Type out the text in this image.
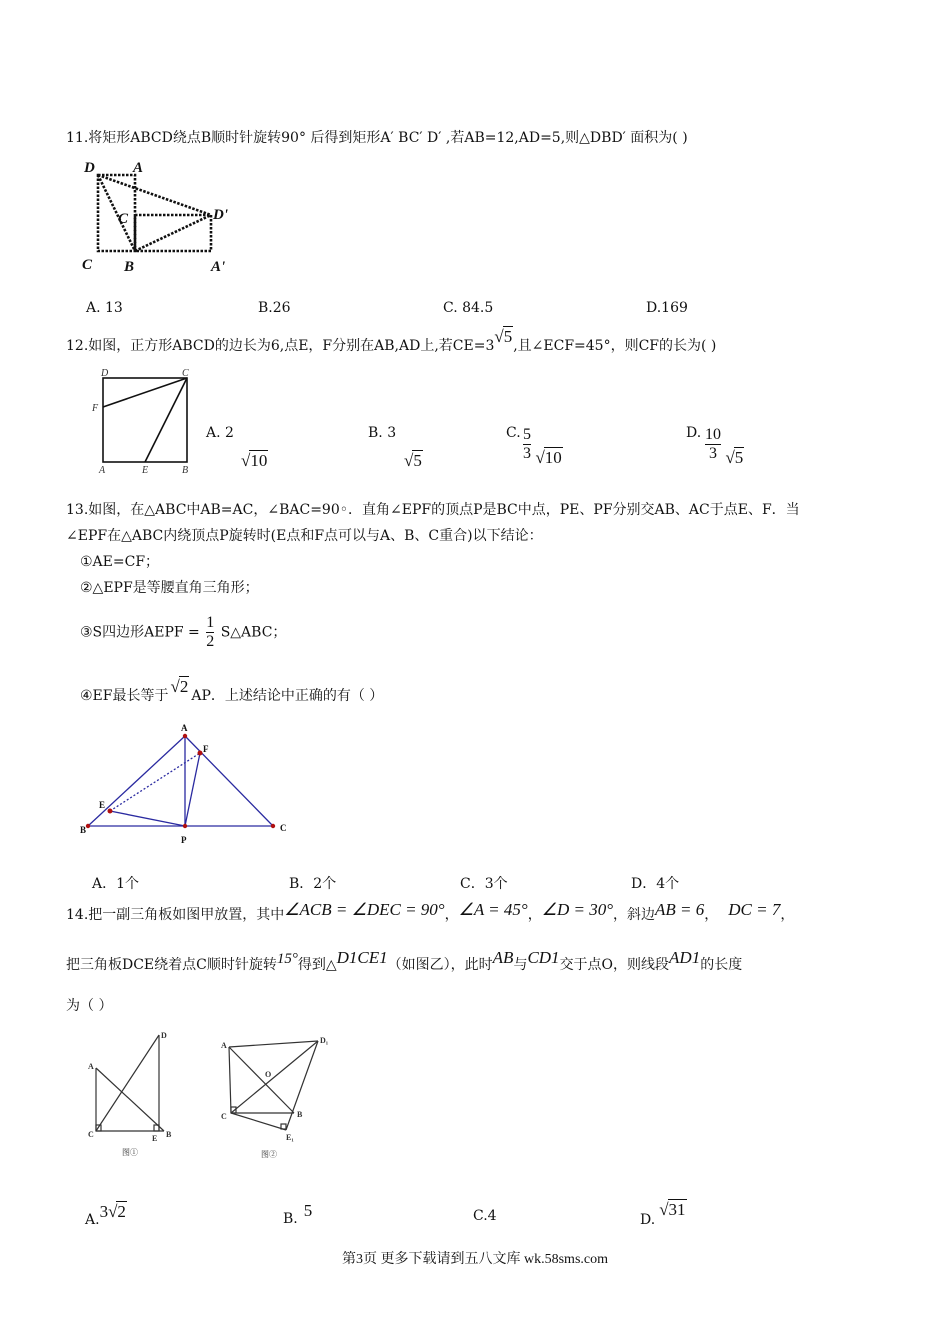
11.将矩形ABCD绕点B顺时针旋转90° 后得到矩形A′ BC′ D′ ,若AB=12,AD=5,则△DBD′ 面积为( )
D	A
C	D'
C B	A'
A. 13	B.26	C. 84.5	D.169
12.如图，正方形ABCD的边长为6,点E，F分别在AB,AD上,若CE=3√5,且∠ECF=45°，则CF的长为( )
D	C
F
A	E	B
A. 2
√10
B. 3
√5
C. $\frac{5}{3} √10$
D. $\frac{10}{3} √5$
13.如图，在△ABC中AB=AC，∠BAC=90◦．直角∠EPF的顶点P是BC中点，PE、PF分别交AB、AC于点E、F．当
∠EPF在△ABC内绕顶点P旋转时(E点和F点可以与A、B、C重合)以下结论：
①AE=CF；
②△EPF是等腰直角三角形；
③S四边形AEPF = $\frac{1}{2}$ S△ABC；
④EF最长等于 √2 AP．上述结论中正确的有（ ）
A
F
E
B
P
C
A．1个	B．2个	C．3个	D．4个
14.把一副三角板如图甲放置，其中∠ACB = ∠DEC = 90°，∠A = 45°，∠D = 30°，斜边AB = 6， DC = 7，
把三角板DCE绕着点C顺时针旋转15°得到△D1CE1（如图乙），此时AB与CD1交于点O，则线段AD1的长度
为（ ）
D
A
C	E B
图①
A
D₁
O
C	B
E₁
图②
A.3√2	B. 5	C.4	D.√31
第3页 更多下载请到五八文库 wk.58sms.com
